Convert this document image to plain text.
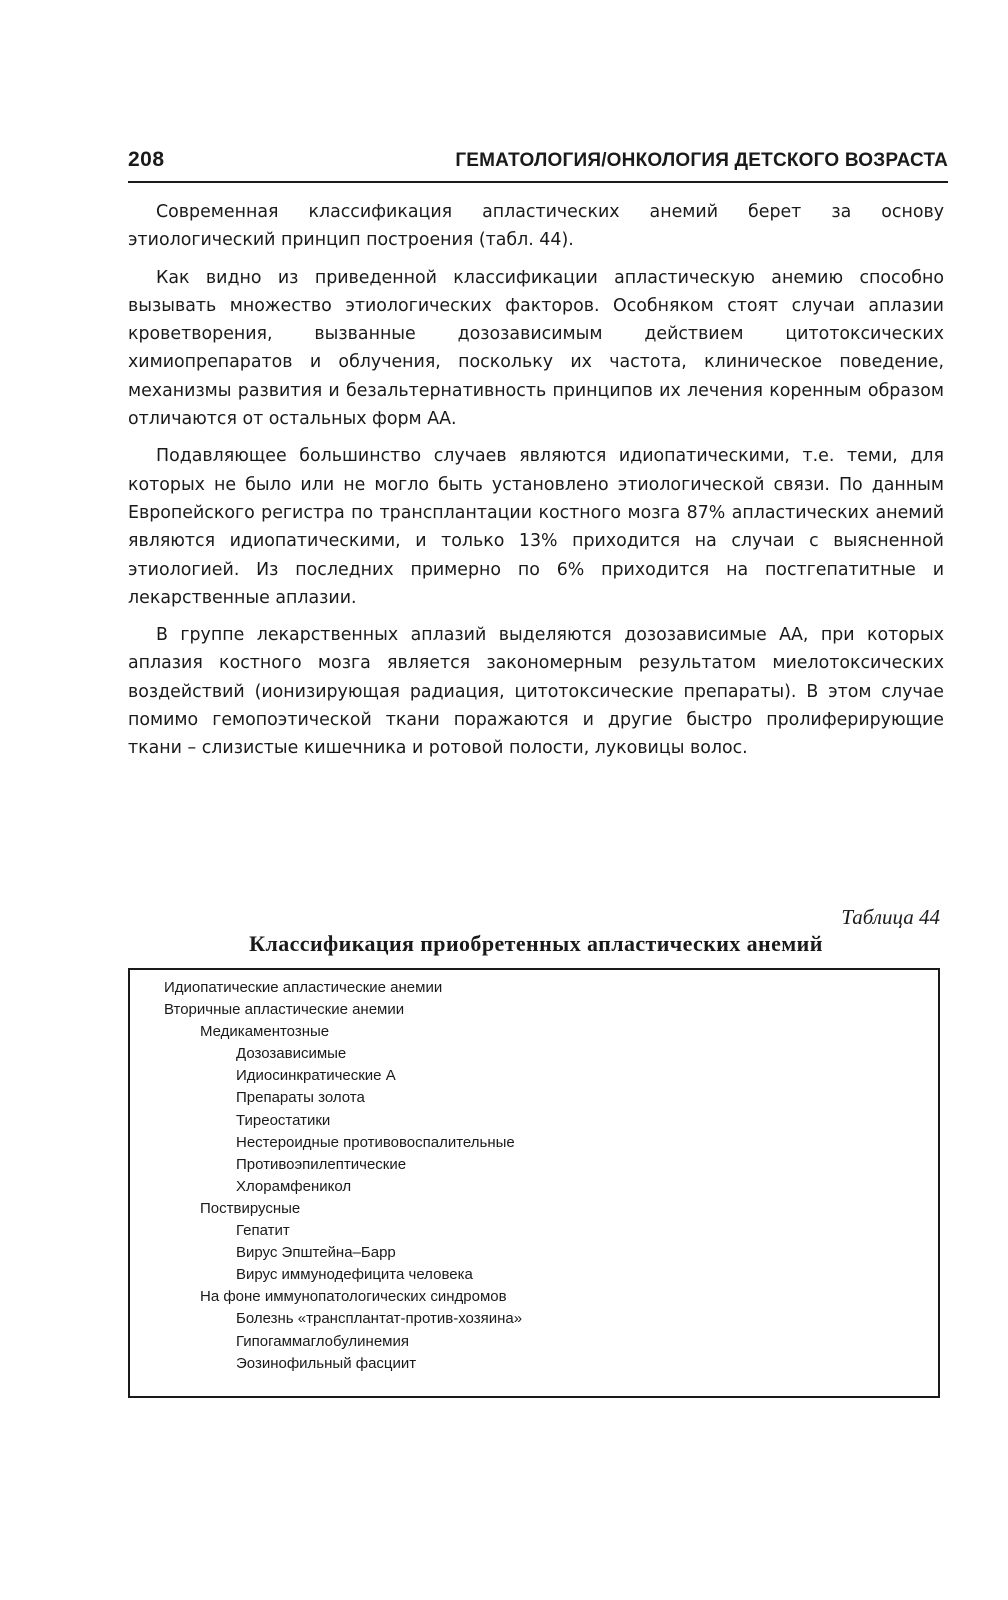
208	ГЕМАТОЛОГИЯ/ОНКОЛОГИЯ ДЕТСКОГО ВОЗРАСТА

Современная классификация апластических анемий берет за основу этиологический принцип построения (табл. 44).

Как видно из приведенной классификации апластическую анемию способно вызывать множество этиологических факторов. Особняком стоят случаи аплазии кроветворения, вызванные дозозависимым действием цитотоксических химиопрепаратов и облучения, поскольку их частота, клиническое поведение, механизмы развития и безальтернативность принципов их лечения коренным образом отличаются от остальных форм АА.

Подавляющее большинство случаев являются идиопатическими, т.е. теми, для которых не было или не могло быть установлено этиологической связи. По данным Европейского регистра по трансплантации костного мозга 87% апластических анемий являются идиопатическими, и только 13% приходится на случаи с выясненной этиологией. Из последних примерно по 6% приходится на постгепатитные и лекарственные аплазии.

В группе лекарственных аплазий выделяются дозозависимые АА, при которых аплазия костного мозга является закономерным результатом миелотоксических воздействий (ионизирующая радиация, цитотоксические препараты). В этом случае помимо гемопоэтической ткани поражаются и другие быстро пролиферирующие ткани – слизистые кишечника и ротовой полости, луковицы волос.

Таблица 44
Классификация приобретенных апластических анемий
Идиопатические апластические анемии
Вторичные апластические анемии
Медикаментозные
Дозозависимые
Идиосинкратические А
Препараты золота
Тиреостатики
Нестероидные противовоспалительные
Противоэпилептические
Хлорамфеникол
Поствирусные
Гепатит
Вирус Эпштейна–Барр
Вирус иммунодефицита человека
На фоне иммунопатологических синдромов
Болезнь «трансплантат-против-хозяина»
Гипогаммаглобулинемия
Эозинофильный фасциит
